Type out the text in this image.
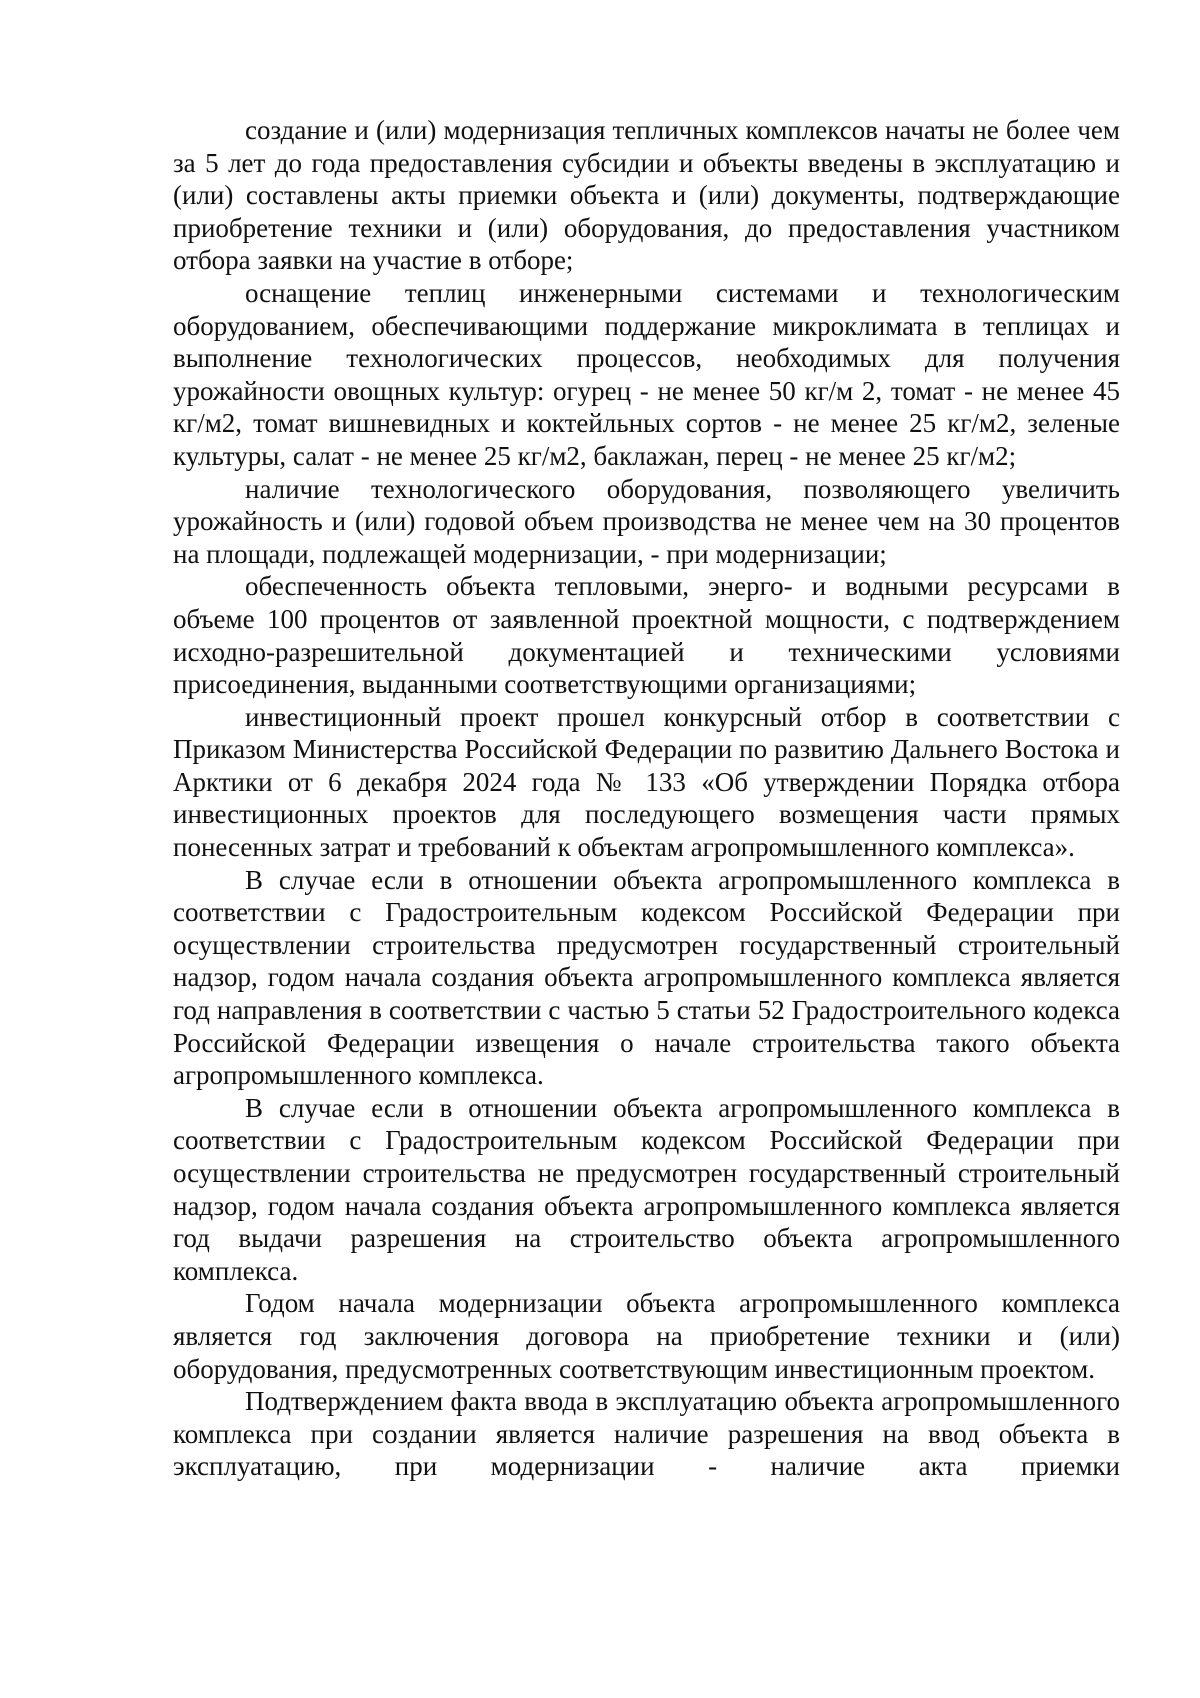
создание и (или) модернизация тепличных комплексов начаты не более чем за 5 лет до года предоставления субсидии и объекты введены в эксплуатацию и (или) составлены акты приемки объекта и (или) документы, подтверждающие приобретение техники и (или) оборудования, до предоставления участником отбора заявки на участие в отборе;

оснащение теплиц инженерными системами и технологическим оборудованием, обеспечивающими поддержание микроклимата в теплицах и выполнение технологических процессов, необходимых для получения урожайности овощных культур: огурец - не менее 50 кг/м 2, томат - не менее 45 кг/м2, томат вишневидных и коктейльных сортов - не менее 25 кг/м2, зеленые культуры, салат - не менее 25 кг/м2, баклажан, перец - не менее 25 кг/м2;

наличие технологического оборудования, позволяющего увеличить урожайность и (или) годовой объем производства не менее чем на 30 процентов на площади, подлежащей модернизации, - при модернизации;

обеспеченность объекта тепловыми, энерго- и водными ресурсами в объеме 100 процентов от заявленной проектной мощности, с подтверждением исходно-разрешительной документацией и техническими условиями присоединения, выданными соответствующими организациями;

инвестиционный проект прошел конкурсный отбор в соответствии с Приказом Министерства Российской Федерации по развитию Дальнего Востока и Арктики от 6 декабря 2024 года № 133 «Об утверждении Порядка отбора инвестиционных проектов для последующего возмещения части прямых понесенных затрат и требований к объектам агропромышленного комплекса».

В случае если в отношении объекта агропромышленного комплекса в соответствии с Градостроительным кодексом Российской Федерации при осуществлении строительства предусмотрен государственный строительный надзор, годом начала создания объекта агропромышленного комплекса является год направления в соответствии с частью 5 статьи 52 Градостроительного кодекса Российской Федерации извещения о начале строительства такого объекта агропромышленного комплекса.

В случае если в отношении объекта агропромышленного комплекса в соответствии с Градостроительным кодексом Российской Федерации при осуществлении строительства не предусмотрен государственный строительный надзор, годом начала создания объекта агропромышленного комплекса является год выдачи разрешения на строительство объекта агропромышленного комплекса.

Годом начала модернизации объекта агропромышленного комплекса является год заключения договора на приобретение техники и (или) оборудования, предусмотренных соответствующим инвестиционным проектом.

Подтверждением факта ввода в эксплуатацию объекта агропромышленного комплекса при создании является наличие разрешения на ввод объекта в эксплуатацию, при модернизации - наличие акта приемки
